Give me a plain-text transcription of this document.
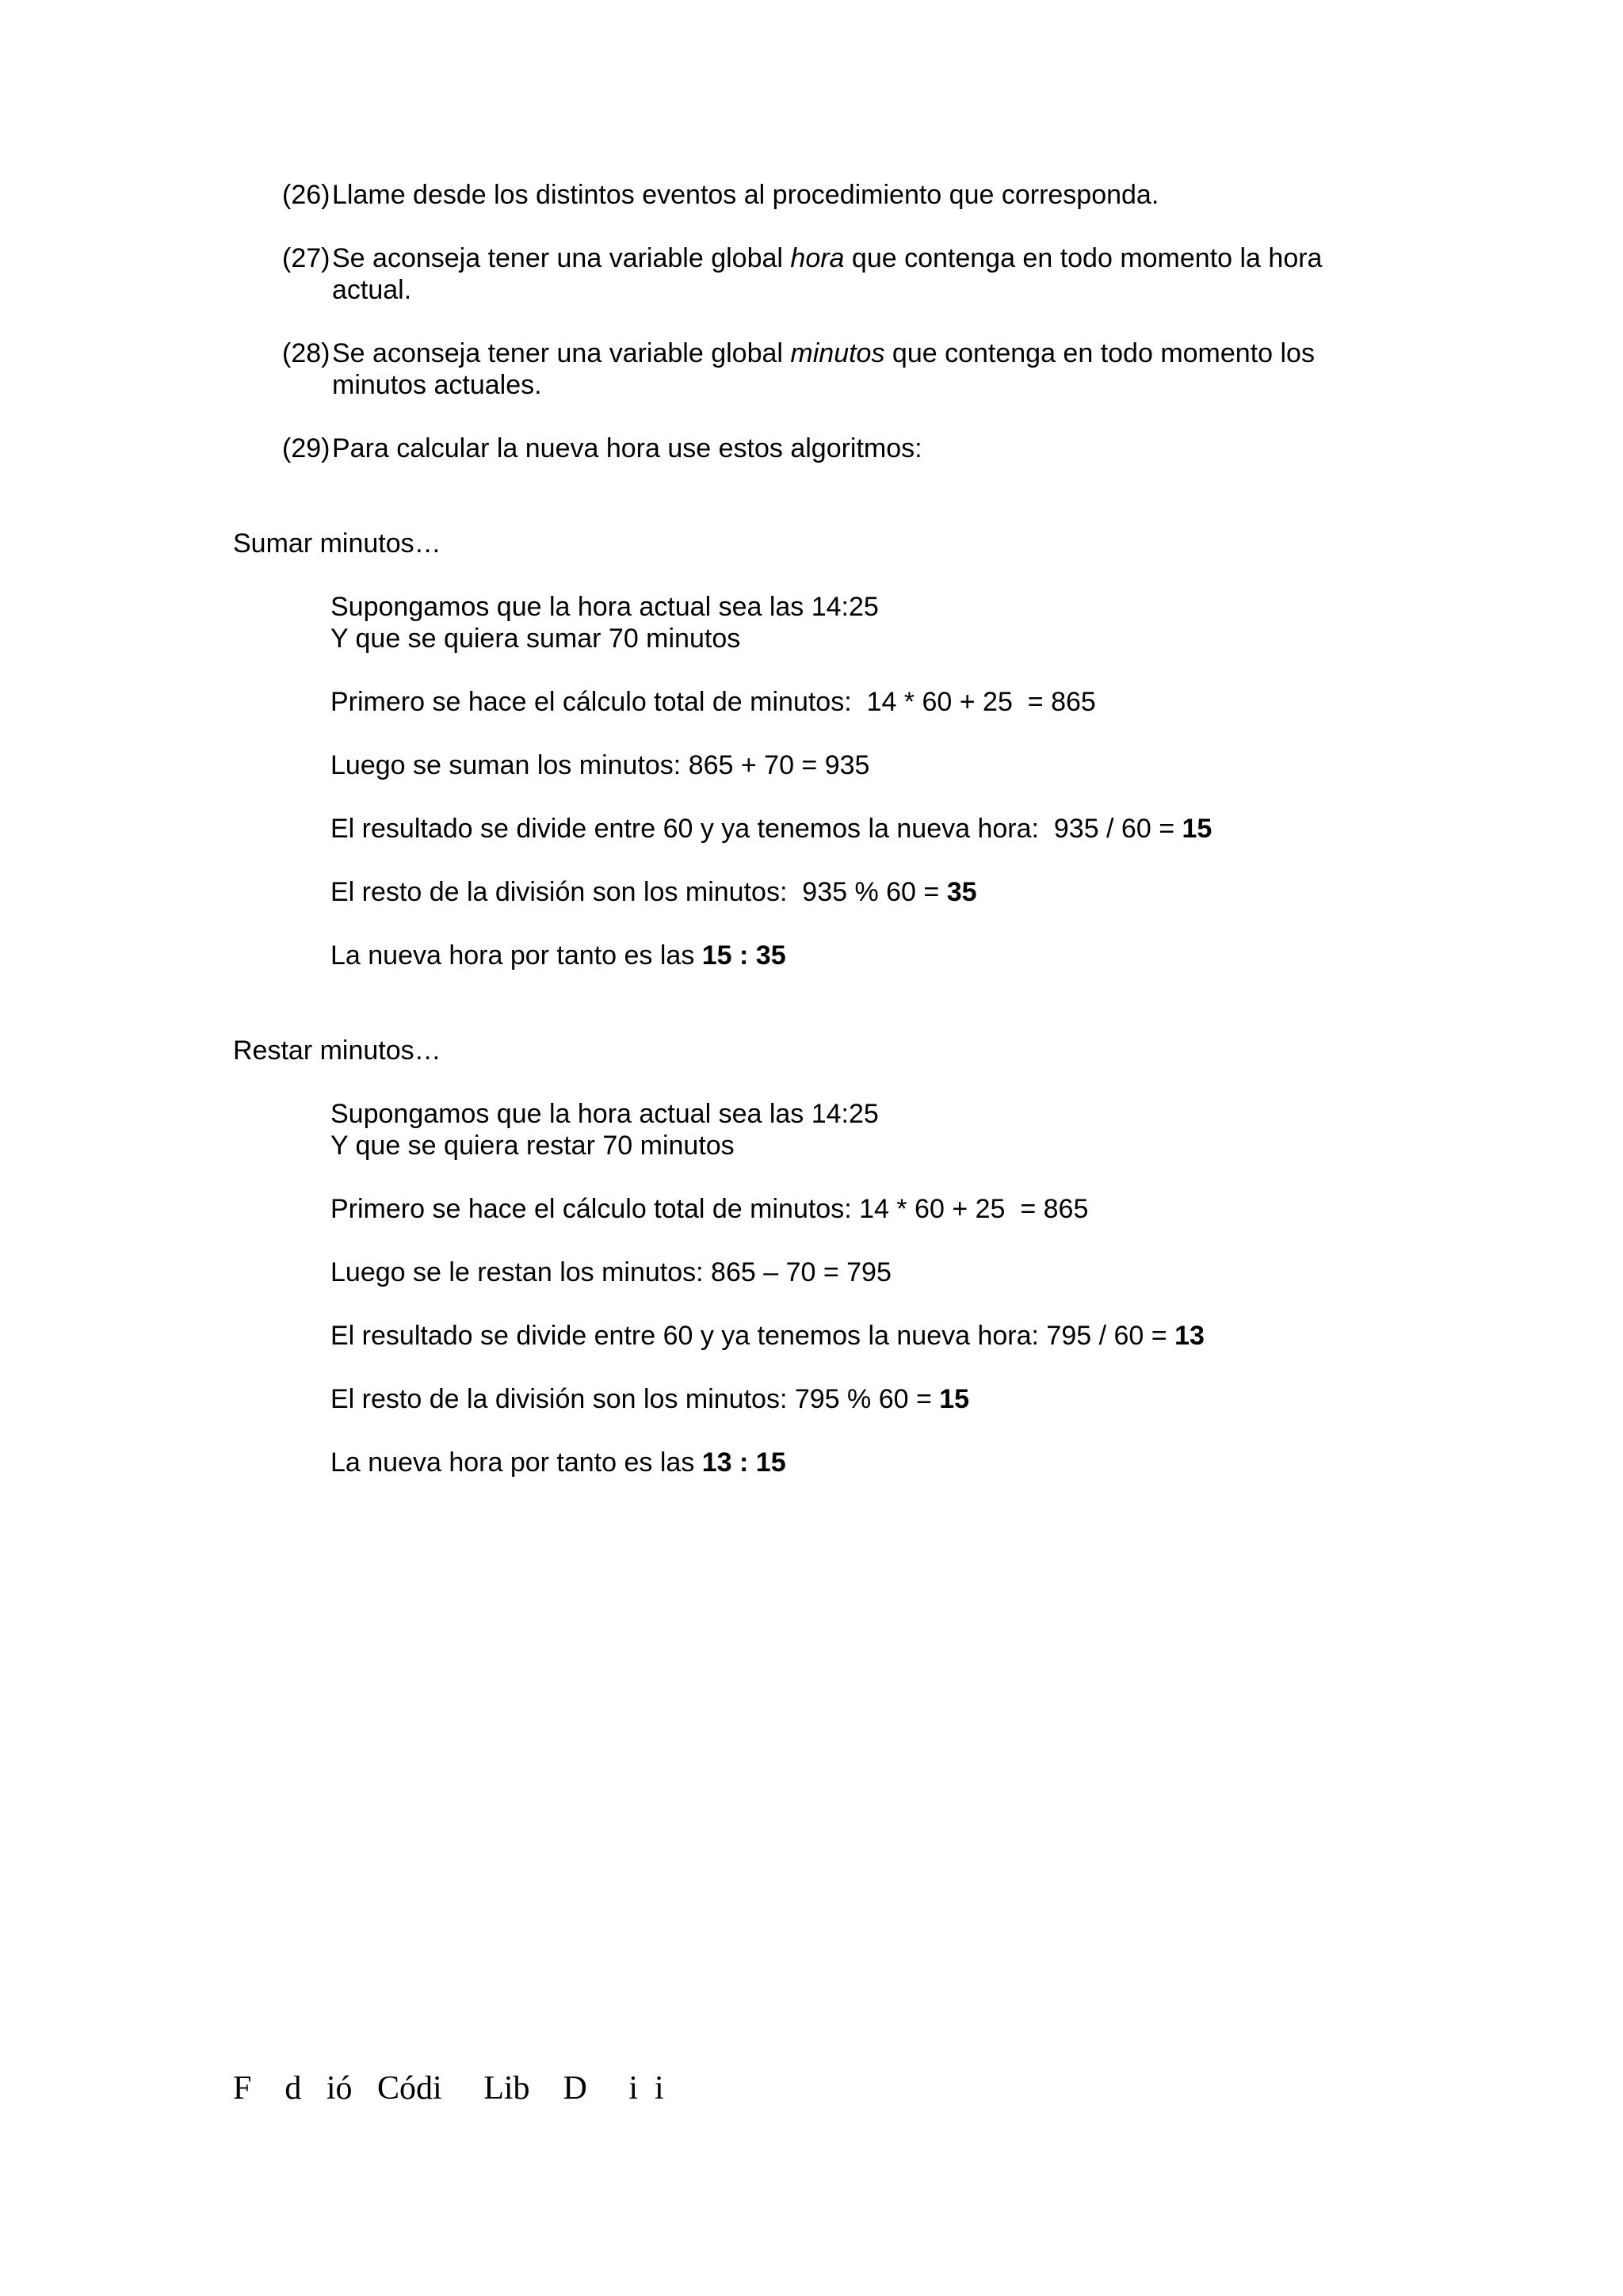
(26) Llame desde los distintos eventos al procedimiento que corresponda.
(27) Se aconseja tener una variable global hora que contenga en todo momento la hora actual.
(28) Se aconseja tener una variable global minutos que contenga en todo momento los minutos actuales.
(29) Para calcular la nueva hora use estos algoritmos:
Sumar minutos…
Supongamos que la hora actual sea las 14:25
Y que se quiera sumar 70 minutos
Primero se hace el cálculo total de minutos:  14 * 60 + 25  = 865
Luego se suman los minutos: 865 + 70 = 935
El resultado se divide entre 60 y ya tenemos la nueva hora:  935 / 60 = 15
El resto de la división son los minutos:  935 % 60 = 35
La nueva hora por tanto es las 15 : 35
Restar minutos…
Supongamos que la hora actual sea las 14:25
Y que se quiera restar 70 minutos
Primero se hace el cálculo total de minutos: 14 * 60 + 25  = 865
Luego se le restan los minutos: 865 – 70 = 795
El resultado se divide entre 60 y ya tenemos la nueva hora: 795 / 60 = 13
El resto de la división son los minutos: 795 % 60 = 15
La nueva hora por tanto es las 13 : 15
F    d   ió   Códi     Lib    D     i  i
